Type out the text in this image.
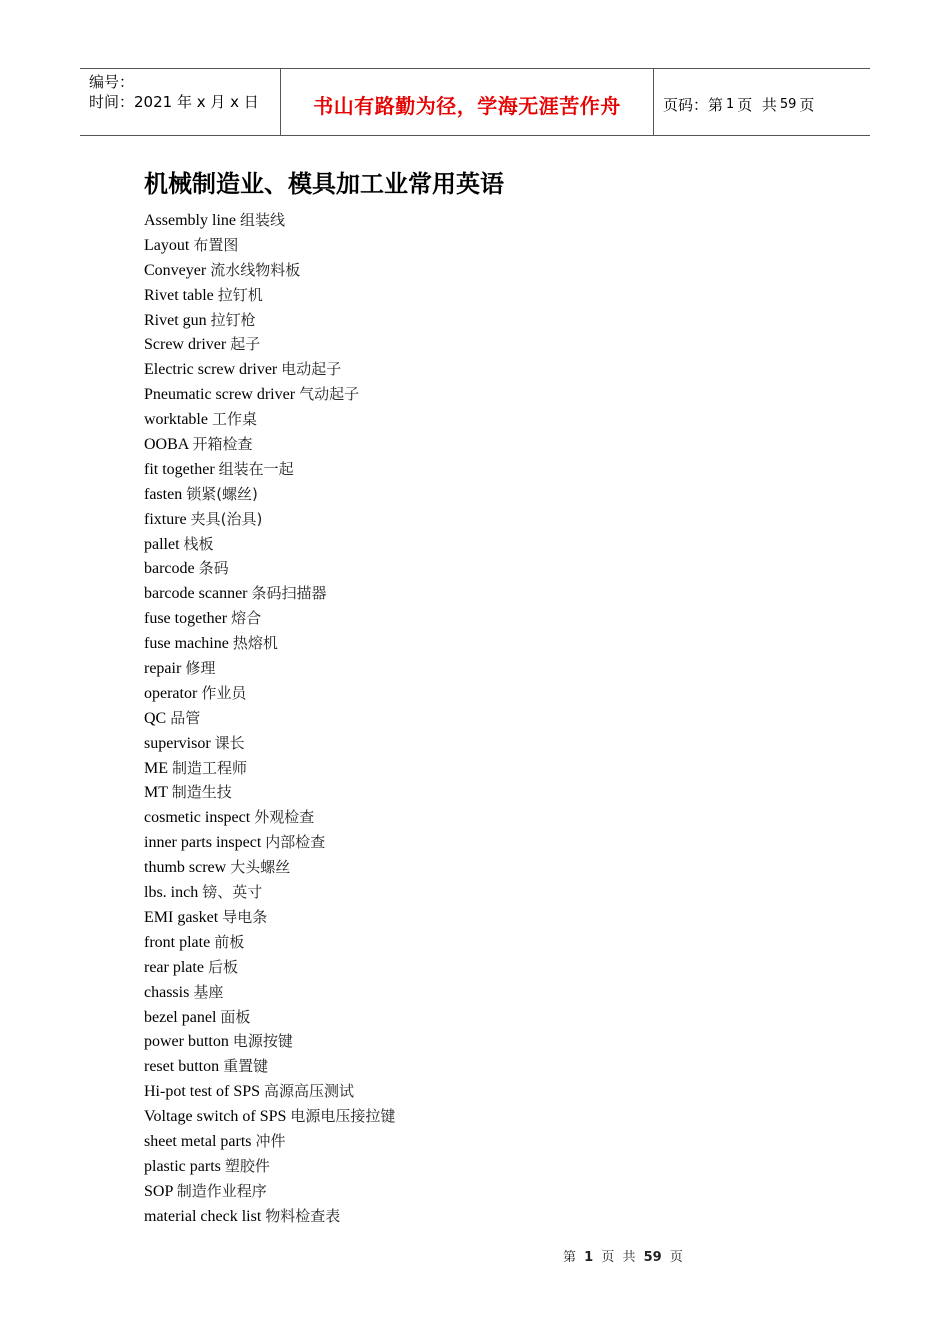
编号：
时间：2021 年 x 月 x 日	书山有路勤为径，学海无涯苦作舟	页码：第 1 页  共 59 页
机械制造业、模具加工业常用英语
Assembly line 组装线
Layout 布置图
Conveyer 流水线物料板
Rivet table 拉钉机
Rivet gun 拉钉枪
Screw driver 起子
Electric screw driver 电动起子
Pneumatic screw driver 气动起子
worktable 工作桌
OOBA 开箱检查
fit together 组装在一起
fasten 锁紧(螺丝)
fixture 夹具(治具)
pallet 栈板
barcode 条码
barcode scanner 条码扫描器
fuse together 熔合
fuse machine 热熔机
repair 修理
operator 作业员
QC 品管
supervisor 课长
ME 制造工程师
MT 制造生技
cosmetic inspect 外观检查
inner parts inspect 内部检查
thumb screw 大头螺丝
lbs. inch 镑、英寸
EMI gasket 导电条
front plate 前板
rear plate 后板
chassis 基座
bezel panel 面板
power button 电源按键
reset button 重置键
Hi-pot test of SPS 高源高压测试
Voltage switch of SPS 电源电压接拉键
sheet metal parts 冲件
plastic parts 塑胶件
SOP 制造作业程序
material check list 物料检查表
第 1 页 共 59 页
